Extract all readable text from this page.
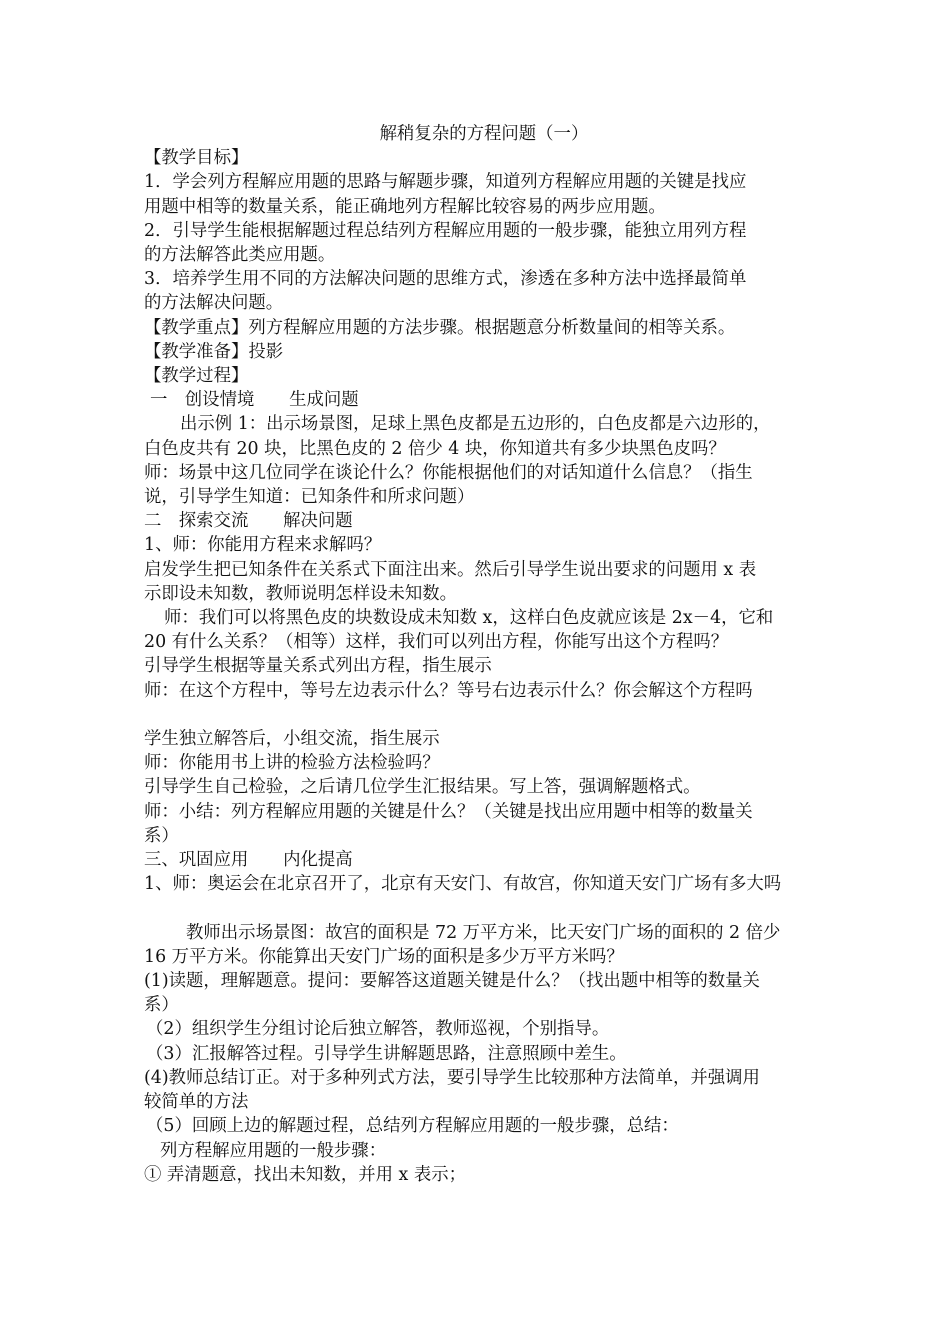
解稍复杂的方程问题（一）

【教学目标】

1．学会列方程解应用题的思路与解题步骤，知道列方程解应用题的关键是找应

用题中相等的数量关系，能正确地列方程解比较容易的两步应用题。

2．引导学生能根据解题过程总结列方程解应用题的一般步骤，能独立用列方程

的方法解答此类应用题。

3．培养学生用不同的方法解决问题的思维方式，渗透在多种方法中选择最简单

的方法解决问题。

【教学重点】列方程解应用题的方法步骤。根据题意分析数量间的相等关系。

【教学准备】投影

【教学过程】

一　创设情境　　生成问题

出示例 1：出示场景图，足球上黑色皮都是五边形的，白色皮都是六边形的，

白色皮共有 20 块，比黑色皮的 2 倍少 4 块，你知道共有多少块黑色皮吗？

师：场景中这几位同学在谈论什么？你能根据他们的对话知道什么信息？（指生

说，引导学生知道：已知条件和所求问题）

二　探索交流　　解决问题

1、师：你能用方程来求解吗？

启发学生把已知条件在关系式下面注出来。然后引导学生说出要求的问题用 x 表

示即设未知数，教师说明怎样设未知数。

师：我们可以将黑色皮的块数设成未知数 x，这样白色皮就应该是 2x－4，它和

20 有什么关系？（相等）这样，我们可以列出方程，你能写出这个方程吗？

引导学生根据等量关系式列出方程，指生展示

师：在这个方程中，等号左边表示什么？等号右边表示什么？你会解这个方程吗

学生独立解答后，小组交流，指生展示

师：你能用书上讲的检验方法检验吗？

引导学生自己检验，之后请几位学生汇报结果。写上答，强调解题格式。

师：小结：列方程解应用题的关键是什么？（关键是找出应用题中相等的数量关

系）

三、巩固应用　　内化提高

1、师：奥运会在北京召开了，北京有天安门、有故宫，你知道天安门广场有多大吗

教师出示场景图：故宫的面积是 72 万平方米，比天安门广场的面积的 2 倍少

16 万平方米。你能算出天安门广场的面积是多少万平方米吗？

(1)读题，理解题意。提问：要解答这道题关键是什么？（找出题中相等的数量关

系）

（2）组织学生分组讨论后独立解答，教师巡视，个别指导。

（3）汇报解答过程。引导学生讲解题思路，注意照顾中差生。

(4)教师总结订正。对于多种列式方法，要引导学生比较那种方法简单，并强调用

较简单的方法

（5）回顾上边的解题过程，总结列方程解应用题的一般步骤，总结：

列方程解应用题的一般步骤：

① 弄清题意，找出未知数，并用 x 表示；
